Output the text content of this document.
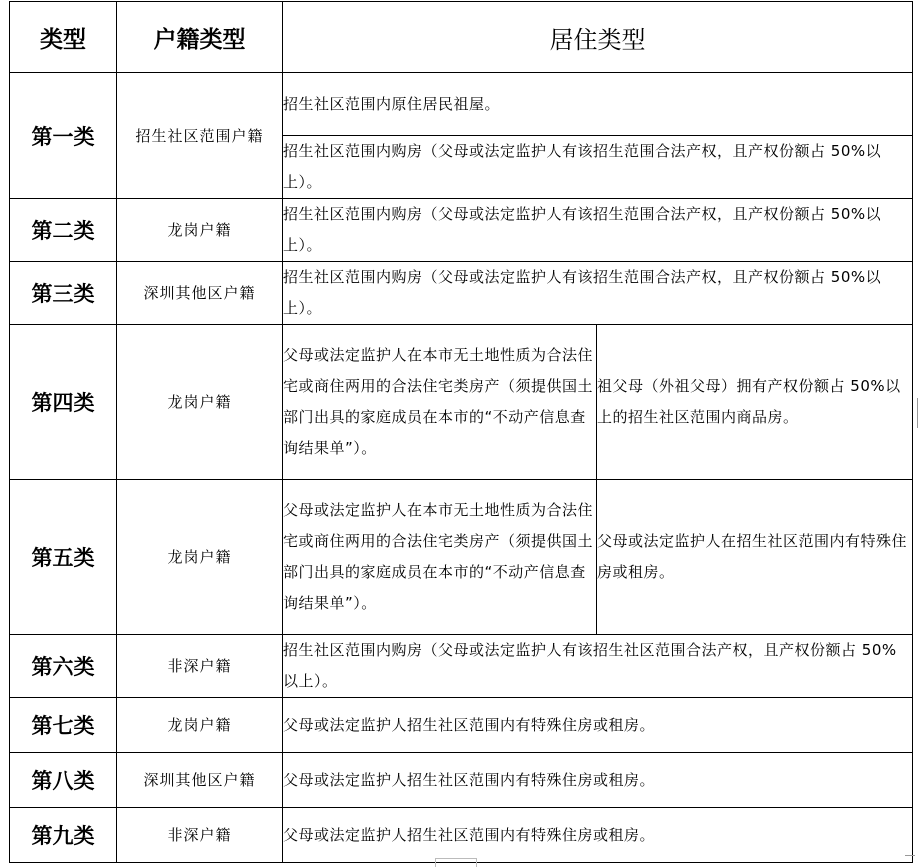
类型	户籍类型	居住类型	
第一类	招生社区范围户籍	招生社区范围内原住居民祖屋。	
		招生社区范围内购房（父母或法定监护人有该招生范围合法产权，且产权份额占 50%以上）。	
第二类	龙岗户籍	招生社区范围内购房（父母或法定监护人有该招生范围合法产权，且产权份额占 50%以上）。	
第三类	深圳其他区户籍	招生社区范围内购房（父母或法定监护人有该招生范围合法产权，且产权份额占 50%以上）。	
第四类	龙岗户籍	父母或法定监护人在本市无土地性质为合法住宅或商住两用的合法住宅类房产（须提供国土部门出具的家庭成员在本市的“不动产信息查询结果单”）。	祖父母（外祖父母）拥有产权份额占 50%以上的招生社区范围内商品房。
第五类	龙岗户籍	父母或法定监护人在本市无土地性质为合法住宅或商住两用的合法住宅类房产（须提供国土部门出具的家庭成员在本市的“不动产信息查询结果单”）。	父母或法定监护人在招生社区范围内有特殊住房或租房。
第六类	非深户籍	招生社区范围内购房（父母或法定监护人有该招生社区范围合法产权，且产权份额占 50%以上）。	
第七类	龙岗户籍	父母或法定监护人招生社区范围内有特殊住房或租房。	
第八类	深圳其他区户籍	父母或法定监护人招生社区范围内有特殊住房或租房。	
第九类	非深户籍	父母或法定监护人招生社区范围内有特殊住房或租房。	
